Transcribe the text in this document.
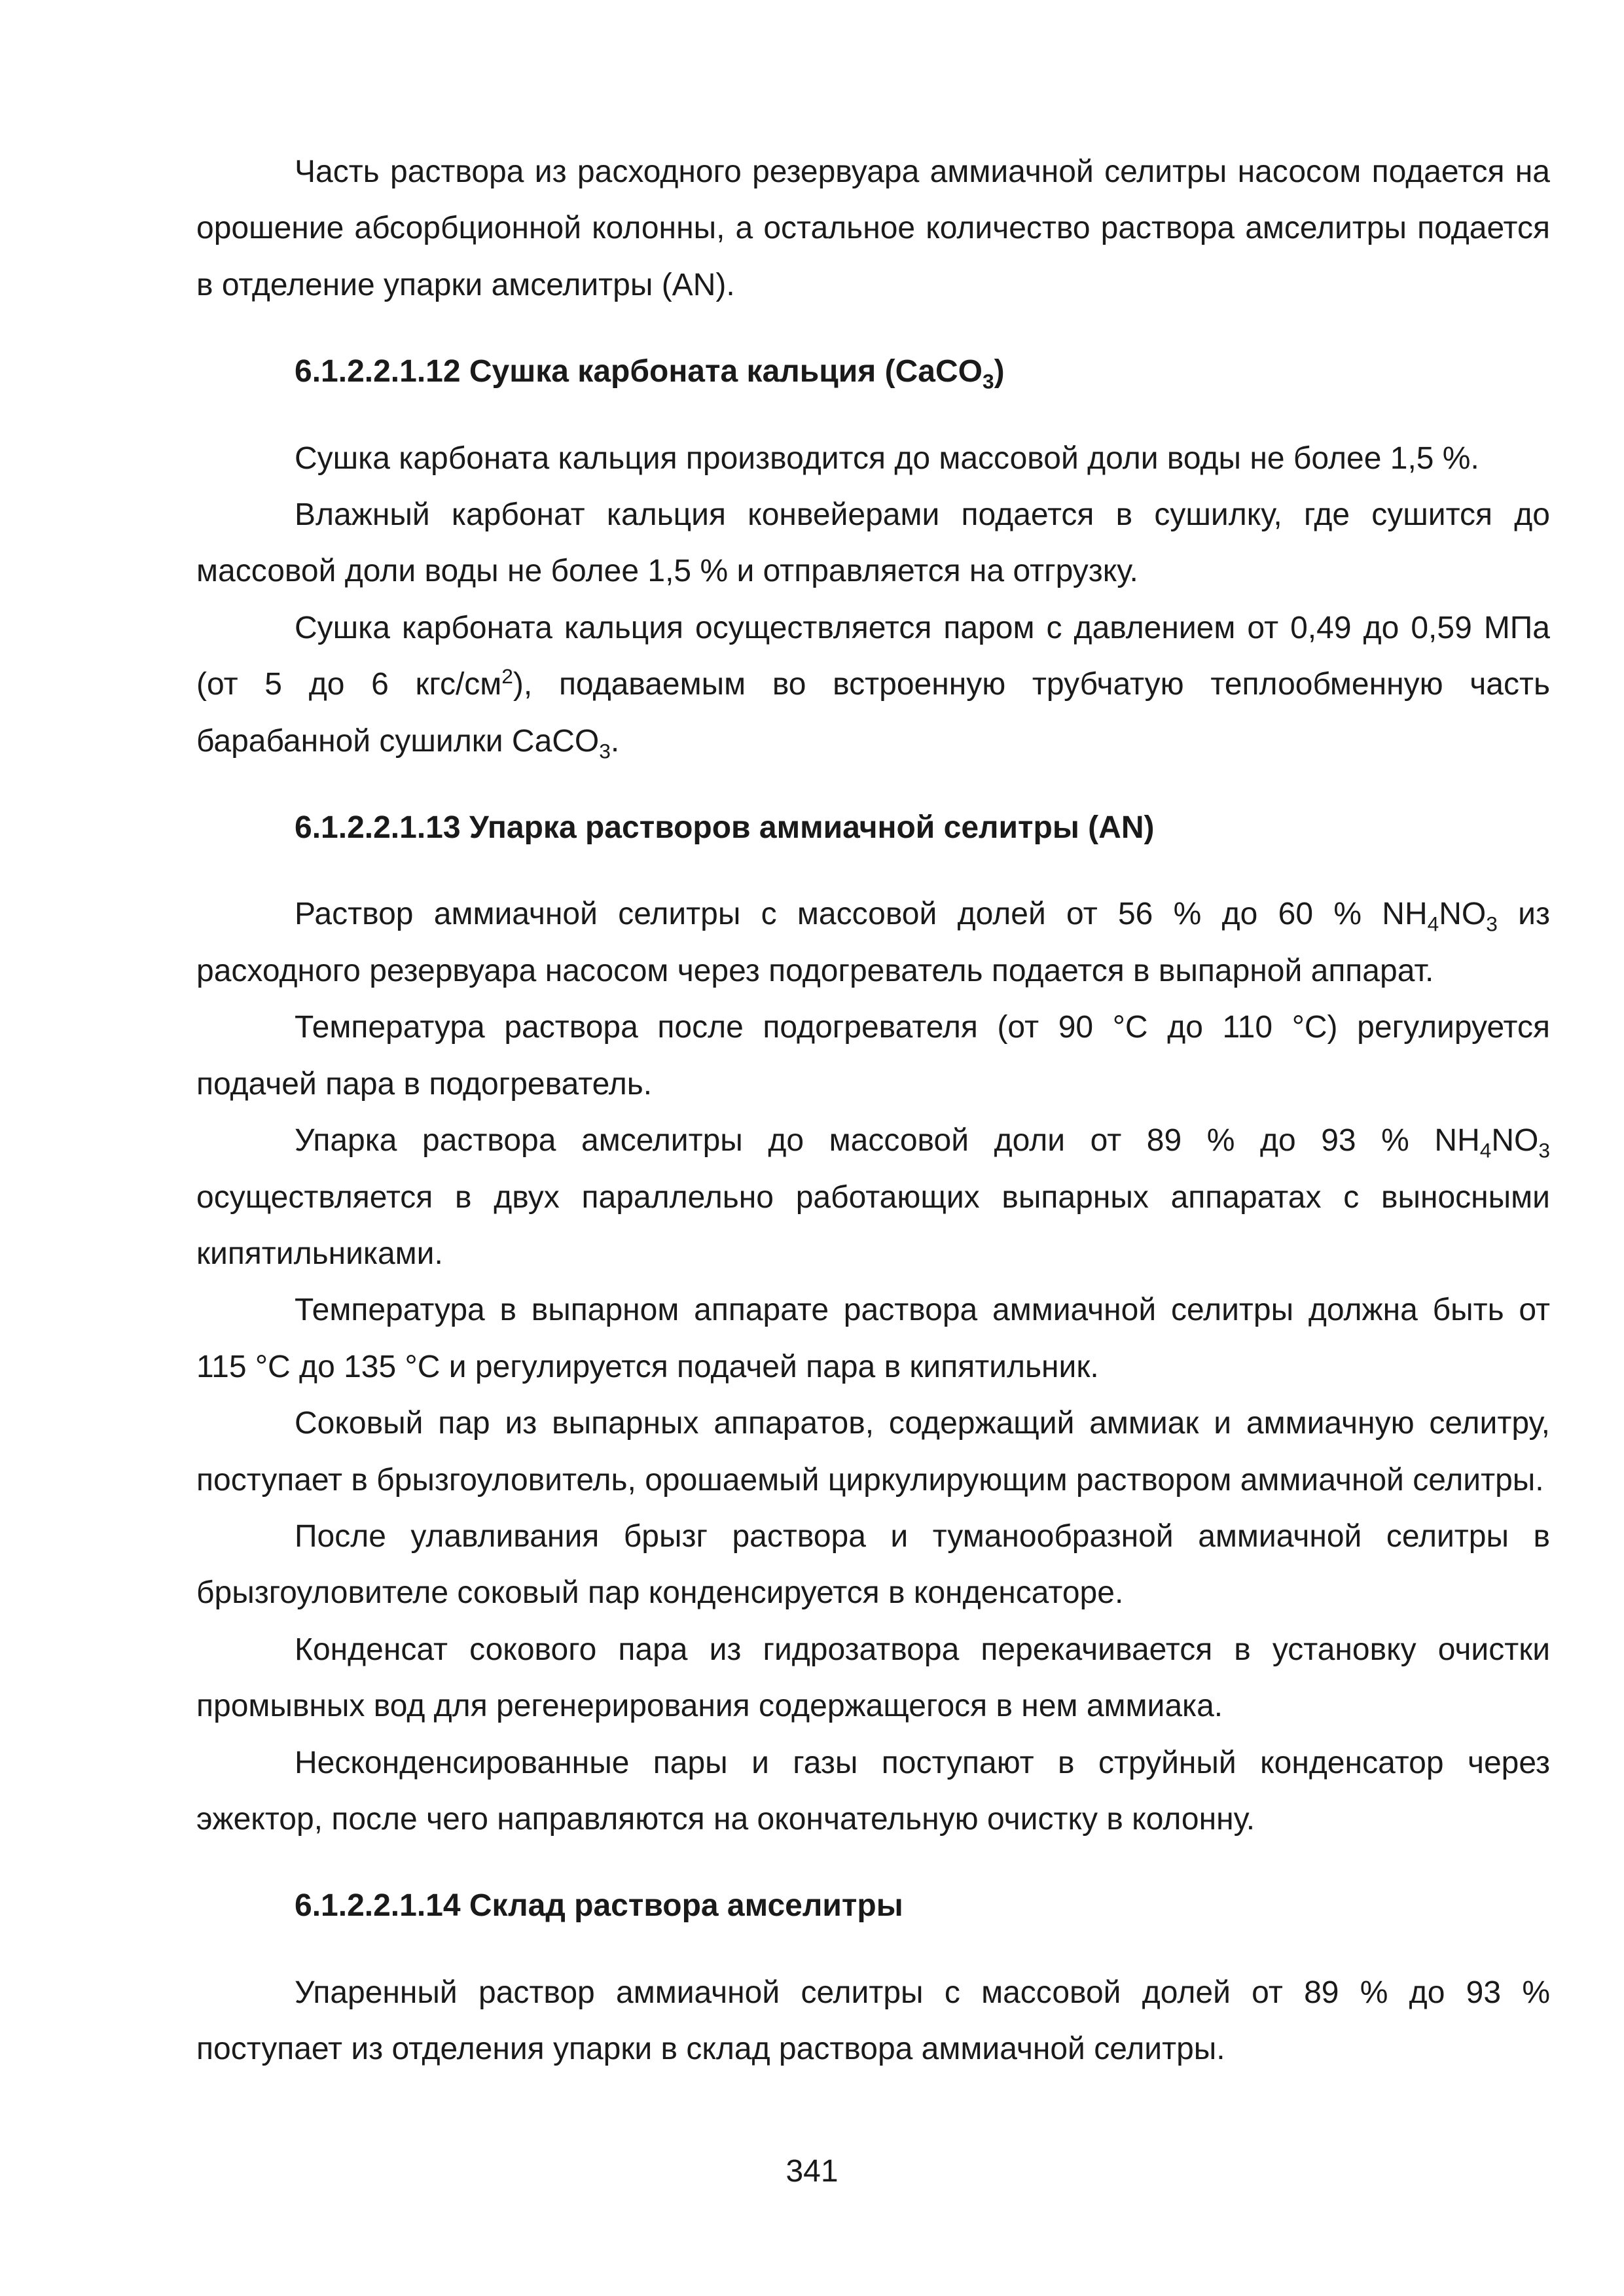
Часть раствора из расходного резервуара аммиачной селитры насосом подается на орошение абсорбционной колонны, а остальное количество раствора амселитры подается в отделение упарки амселитры (AN).

6.1.2.2.1.12 Сушка карбоната кальция (CaCO$_3$)

Сушка карбоната кальция производится до массовой доли воды не более 1,5 %.

Влажный карбонат кальция конвейерами подается в сушилку, где сушится до массовой доли воды не более 1,5 % и отправляется на отгрузку.

Сушка карбоната кальция осуществляется паром с давлением от 0,49 до 0,59 МПа (от 5 до 6 кгс/$см^2$), подаваемым во встроенную трубчатую теплообменную часть барабанной сушилки CaCO$_3$.

6.1.2.2.1.13 Упарка растворов аммиачной селитры (AN)

Раствор аммиачной селитры с массовой долей от 56 % до 60 % $NH_4NO_3$ из расходного резервуара насосом через подогреватель подается в выпарной аппарат.

Температура раствора после подогревателя (от 90 °С до 110 °С) регулируется подачей пара в подогреватель.

Упарка раствора амселитры до массовой доли от 89 % до 93 % $NH_4NO_3$ осуществляется в двух параллельно работающих выпарных аппаратах с выносными кипятильниками.

Температура в выпарном аппарате раствора аммиачной селитры должна быть от 115 °С до 135 °С и регулируется подачей пара в кипятильник.

Соковый пар из выпарных аппаратов, содержащий аммиак и аммиачную селитру, поступает в брызгоуловитель, орошаемый циркулирующим раствором аммиачной селитры.

После улавливания брызг раствора и туманообразной аммиачной селитры в брызгоуловителе соковый пар конденсируется в конденсаторе.

Конденсат сокового пара из гидрозатвора перекачивается в установку очистки промывных вод для регенерирования содержащегося в нем аммиака.

Несконденсированные пары и газы поступают в струйный конденсатор через эжектор, после чего направляются на окончательную очистку в колонну.

6.1.2.2.1.14 Склад раствора амселитры

Упаренный раствор аммиачной селитры с массовой долей от 89 % до 93 % поступает из отделения упарки в склад раствора аммиачной селитры.

341
